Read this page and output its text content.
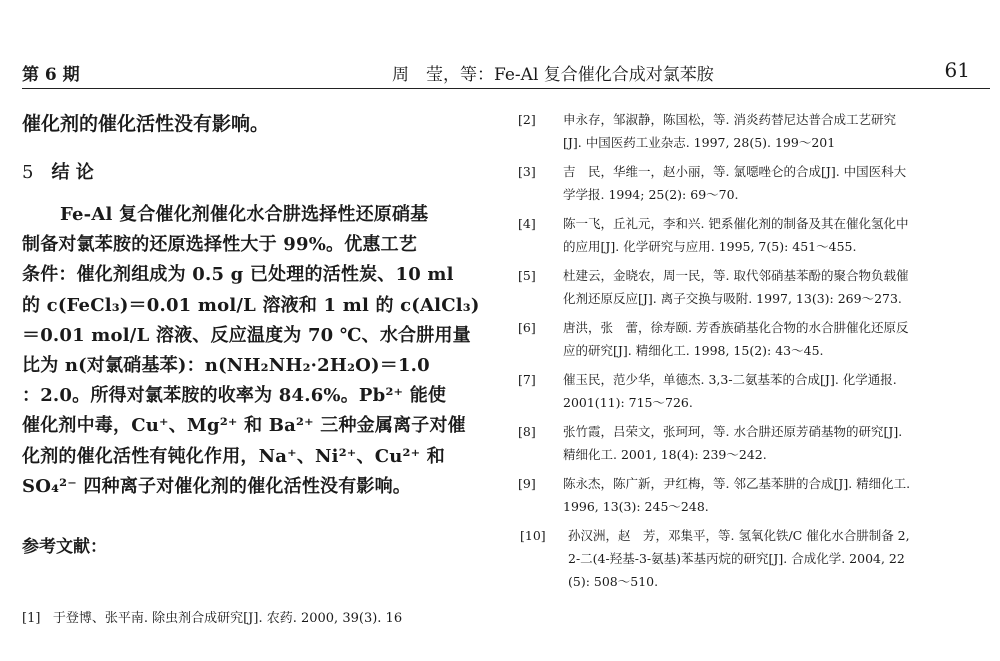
第 6 期	周　莹，等：Fe-Al 复合催化合成对氯苯胺	61

催化剂的催化活性没有影响。

5 结 论
Fe-Al 复合催化剂催化水合肼选择性还原硝基
制备对氯苯胺的还原选择性大于 99%。优惠工艺
条件：催化剂组成为 0.5 g 已处理的活性炭、10 ml
的 c(FeCl₃)＝0.01 mol/L 溶液和 1 ml 的 c(AlCl₃)
＝0.01 mol/L 溶液、反应温度为 70 ℃、水合肼用量
比为 n(对氯硝基苯)：n(NH₂NH₂·2H₂O)＝1.0
：2.0。所得对氯苯胺的收率为 84.6%。Pb²⁺ 能使
催化剂中毒，Cu⁺、Mg²⁺ 和 Ba²⁺ 三种金属离子对催
化剂的催化活性有钝化作用，Na⁺、Ni²⁺、Cu²⁺ 和
SO₄²⁻ 四种离子对催化剂的催化活性没有影响。
参考文献：
[1] 于登博、张平南. 除虫剂合成研究[J]. 农药. 2000, 39(3). 16
[2] 申永存，邹淑静，陈国松，等. 消炎药替尼达普合成工艺研究
[J]. 中国医药工业杂志. 1997, 28(5). 199～201
[3] 吉　民，华维一，赵小丽，等. 氯噁唑仑的合成[J]. 中国医科大
学学报. 1994; 25(2): 69～70.
[4] 陈一飞，丘礼元，李和兴. 钯系催化剂的制备及其在催化氢化中
的应用[J]. 化学研究与应用. 1995, 7(5): 451～455.
[5] 杜建云，金晓农，周一民，等. 取代邻硝基苯酚的聚合物负载催
化剂还原反应[J]. 离子交换与吸附. 1997, 13(3): 269～273.
[6] 唐洪，张　蕾，徐寿颐. 芳香族硝基化合物的水合肼催化还原反
应的研究[J]. 精细化工. 1998, 15(2): 43～45.
[7] 催玉民，范少华，单德杰. 3,3-二氨基苯的合成[J]. 化学通报.
2001(11): 715～726.
[8] 张竹霞，吕荣文，张珂珂，等. 水合肼还原芳硝基物的研究[J].
精细化工. 2001, 18(4): 239～242.
[9] 陈永杰，陈广新，尹红梅，等. 邻乙基苯肼的合成[J]. 精细化工.
1996, 13(3): 245～248.
[10] 孙汉洲，赵　芳，邓集平，等. 氢氧化铁/C 催化水合肼制备 2,
2-二(4-羟基-3-氨基)苯基丙烷的研究[J]. 合成化学. 2004, 22
(5): 508～510.
